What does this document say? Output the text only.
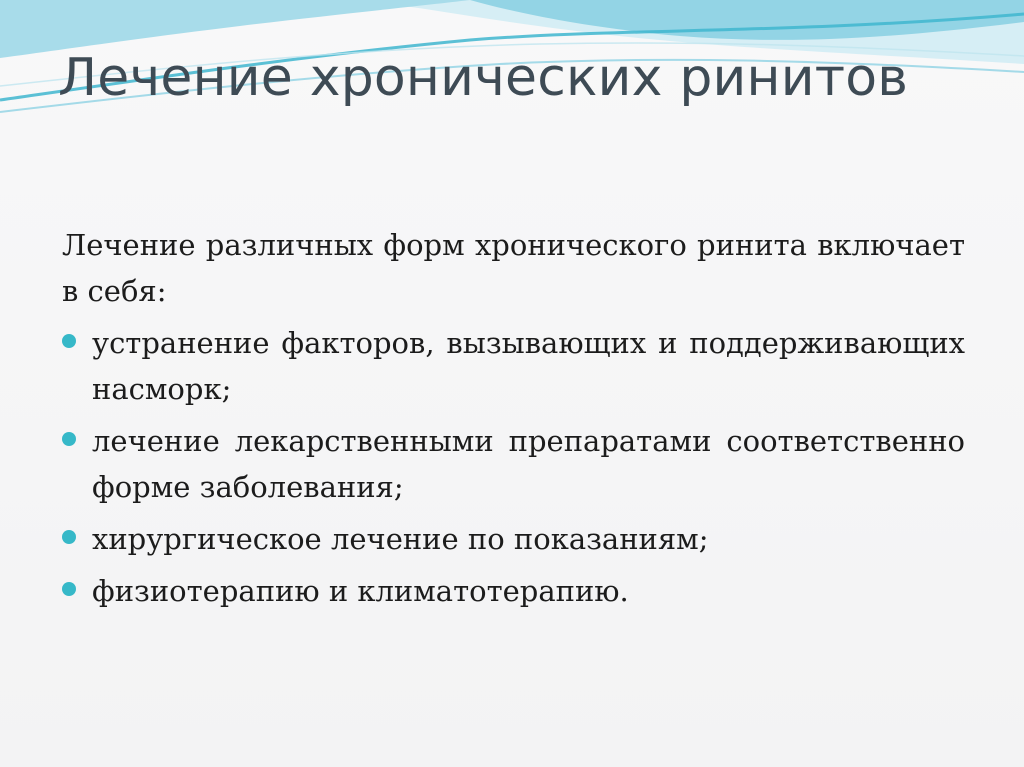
Лечение хронических ринитов

Лечение различных форм хронического ринита включает в себя:

устранение факторов, вызывающих и поддерживающих насморк;
лечение лекарственными препаратами соответственно форме заболевания;
хирургическое лечение по показаниям;
физиотерапию и климатотерапию.
